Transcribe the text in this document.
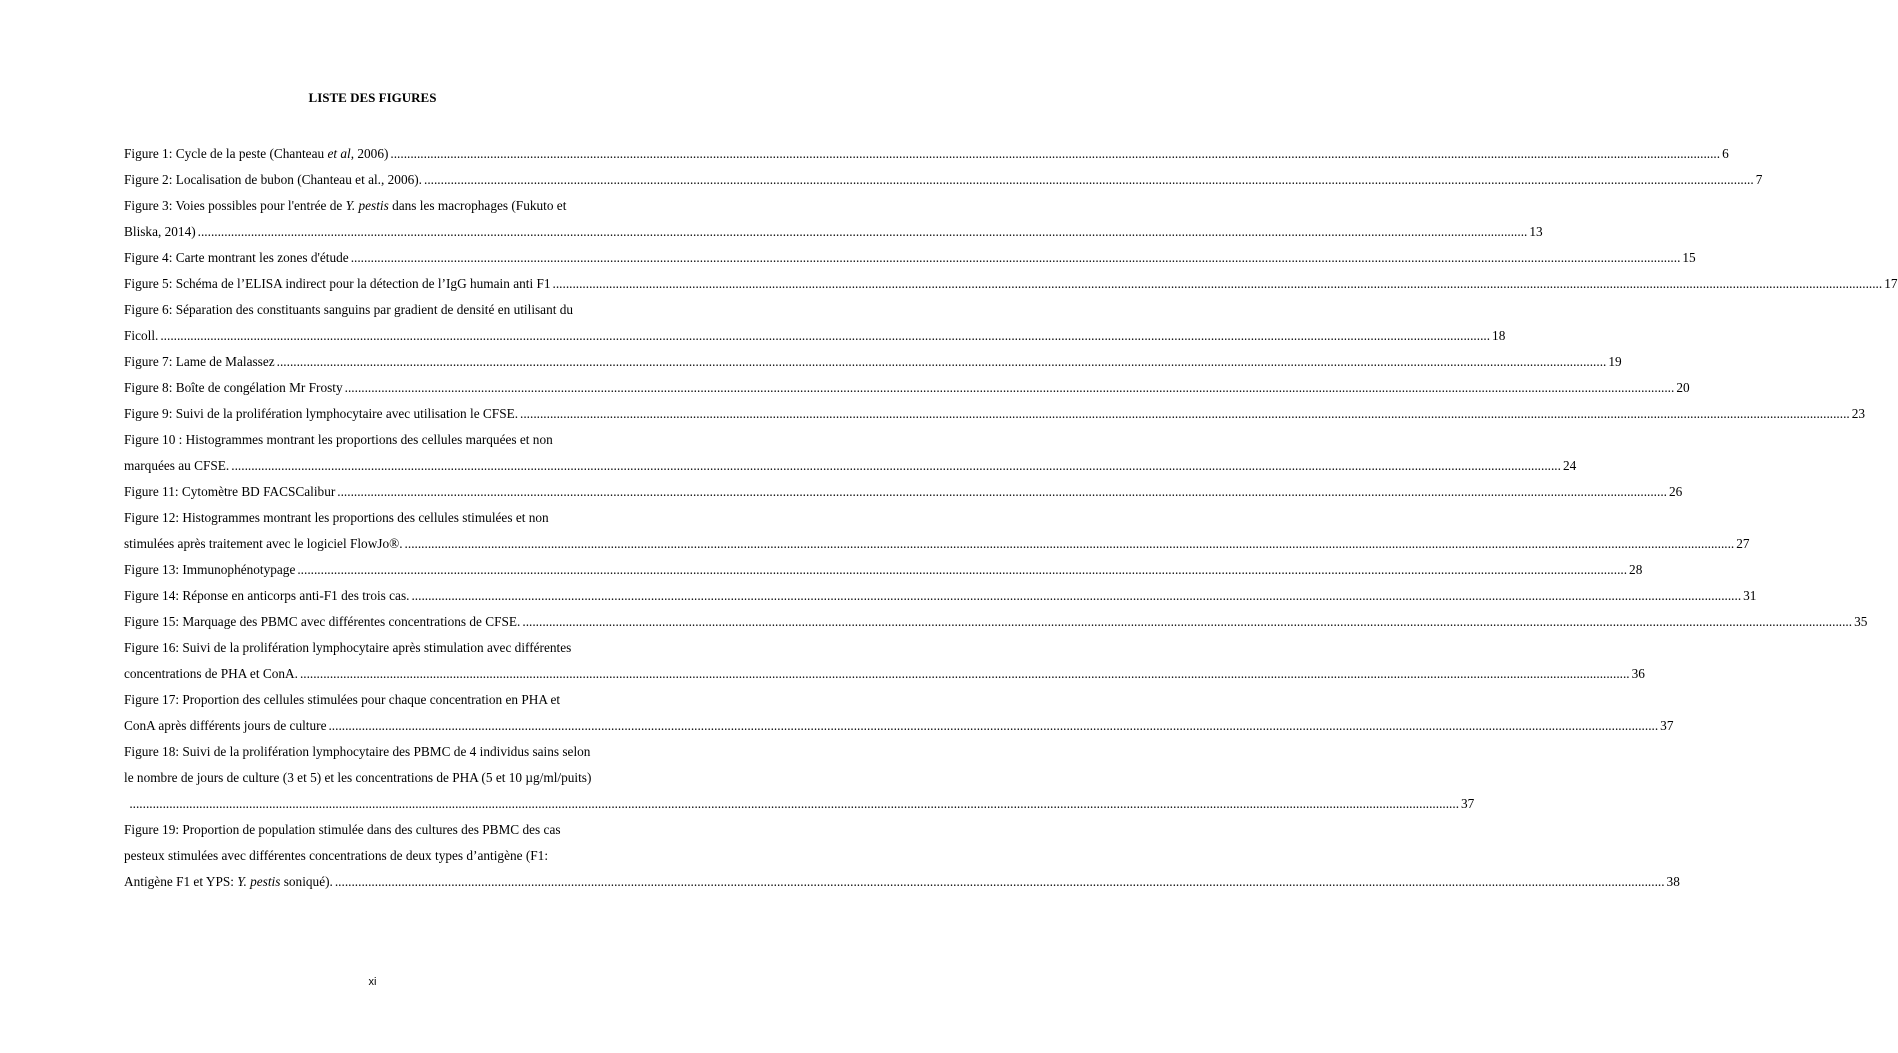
LISTE DES FIGURES
Figure 1: Cycle de la peste (Chanteau et al, 2006) ................................................................................................................................................................................................................................................................................................................................................................................................................ 6
Figure 2: Localisation de bubon (Chanteau et al., 2006). ................................................................................................................................................................................................................................................................................................................................................................................................................ 7
Figure 3: Voies possibles pour l'entrée de Y. pestis dans les macrophages (Fukuto et
Bliska, 2014) ................................................................................................................................................................................................................................................................................................................................................................................................................ 13
Figure 4: Carte montrant les zones d'étude ................................................................................................................................................................................................................................................................................................................................................................................................................ 15
Figure 5: Schéma de l’ELISA indirect pour la détection de l’IgG humain anti F1 ................................................................................................................................................................................................................................................................................................................................................................................................................ 17
Figure 6: Séparation des constituants sanguins par gradient de densité en utilisant du
Ficoll. ................................................................................................................................................................................................................................................................................................................................................................................................................ 18
Figure 7: Lame de Malassez ................................................................................................................................................................................................................................................................................................................................................................................................................ 19
Figure 8: Boîte de congélation Mr Frosty ................................................................................................................................................................................................................................................................................................................................................................................................................ 20
Figure 9: Suivi de la prolifération lymphocytaire avec utilisation le CFSE. ................................................................................................................................................................................................................................................................................................................................................................................................................ 23
Figure 10 : Histogrammes montrant les proportions des cellules marquées et non
marquées au CFSE. ................................................................................................................................................................................................................................................................................................................................................................................................................ 24
Figure 11: Cytomètre BD FACSCalibur ................................................................................................................................................................................................................................................................................................................................................................................................................ 26
Figure 12: Histogrammes montrant les proportions des cellules stimulées et non
stimulées après traitement avec le logiciel FlowJo®. ................................................................................................................................................................................................................................................................................................................................................................................................................ 27
Figure 13: Immunophénotypage ................................................................................................................................................................................................................................................................................................................................................................................................................ 28
Figure 14: Réponse en anticorps anti-F1 des trois cas. ................................................................................................................................................................................................................................................................................................................................................................................................................ 31
Figure 15: Marquage des PBMC avec différentes concentrations de CFSE. ................................................................................................................................................................................................................................................................................................................................................................................................................ 35
Figure 16: Suivi de la prolifération lymphocytaire après stimulation avec différentes
concentrations de PHA et ConA. ................................................................................................................................................................................................................................................................................................................................................................................................................ 36
Figure 17: Proportion des cellules stimulées pour chaque concentration en PHA et
ConA après différents jours de culture ................................................................................................................................................................................................................................................................................................................................................................................................................ 37
Figure 18: Suivi de la prolifération lymphocytaire des PBMC de 4 individus sains selon
le nombre de jours de culture (3 et 5) et les concentrations de PHA (5 et 10 µg/ml/puits)

................................................................................................................................................................................................................................................................................................................................................................................................................ 37
Figure 19: Proportion de population stimulée dans des cultures des PBMC des cas
pesteux stimulées avec différentes concentrations de deux types d’antigène (F1:
Antigène F1 et YPS: Y. pestis soniqué). ................................................................................................................................................................................................................................................................................................................................................................................................................ 38
xi
